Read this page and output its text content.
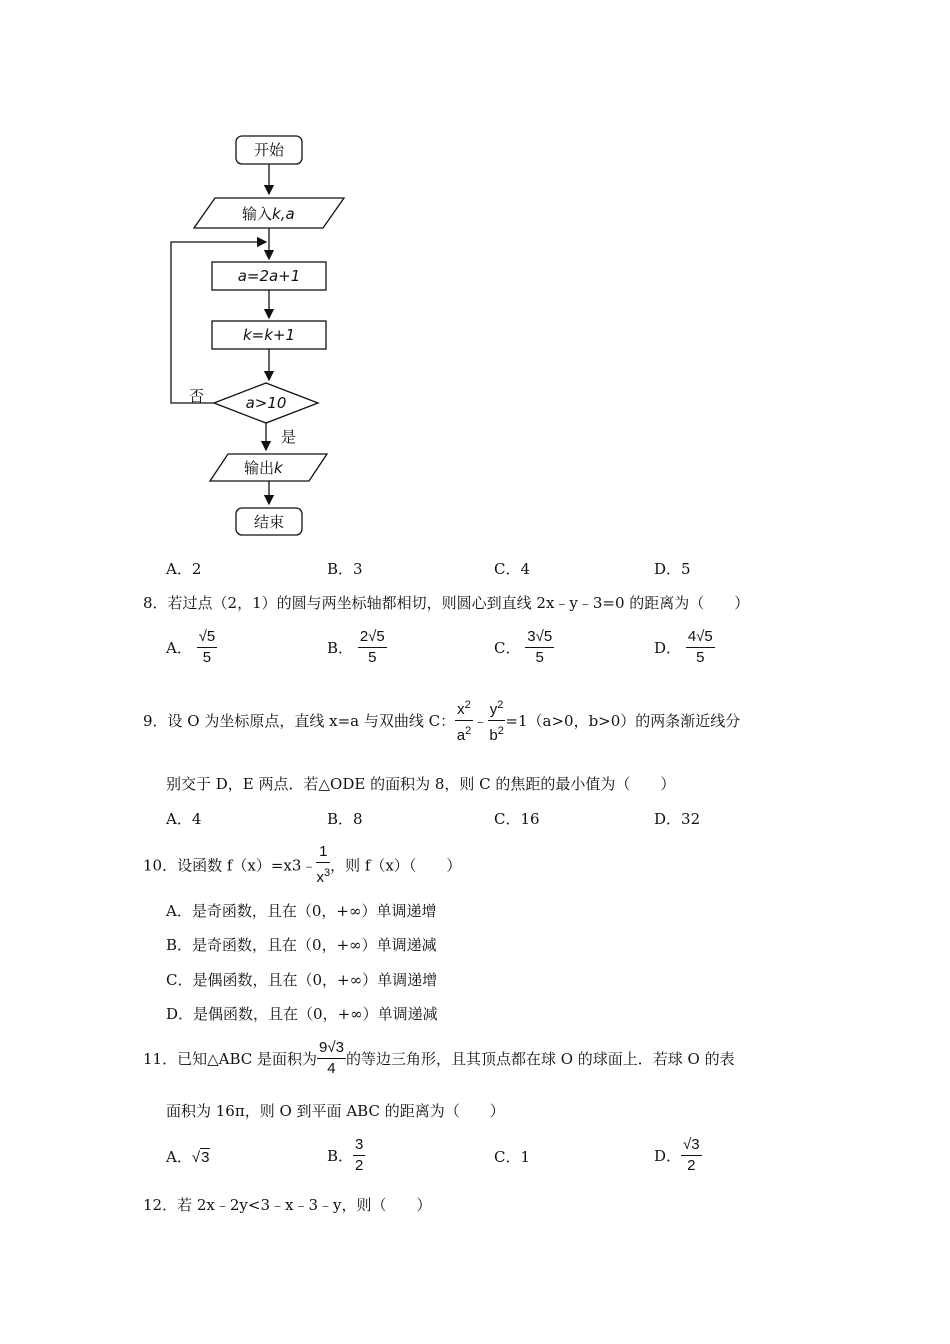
开始
输入k,a
a=2a+1
k=k+1
a>10
否
是
输出k
结束
A．2	B．3	C．4	D．5
8．若过点（2，1）的圆与两坐标轴都相切，则圆心到直线 2x﹣y﹣3=0 的距离为（　　）
A． $\frac{√5}{5}$	B． $\frac{2√5}{5}$	C． $\frac{3√5}{5}$	D． $\frac{4√5}{5}$
9．设 O 为坐标原点，直线 x=a 与双曲线 C： $\frac{x^2}{a^2}$ ﹣ $\frac{y^2}{b^2} =1(a>0$，b>0）的两条渐近线分
别交于 D，E 两点．若△ODE 的面积为 8，则 C 的焦距的最小值为（　　）
A．4	B．8	C．16	D．32
10．设函数 f（x）=x3﹣ $\frac{1}{x^3}$ ，则 f（x）（　　）
A．是奇函数，且在（0，+∞）单调递增
B．是奇函数，且在（0，+∞）单调递减
C．是偶函数，且在（0，+∞）单调递增
D．是偶函数，且在（0，+∞）单调递减
11．已知△ABC 是面积为 $\frac{9√3}{4}$ 的等边三角形，且其顶点都在球 O 的球面上．若球 O 的表
面积为 16π，则 O 到平面 ABC 的距离为（　　）
A．√3	B． $\frac{3}{2}$	C．1	D． $\frac{√3}{2}$
12．若 2x﹣2y<3﹣x﹣3﹣y，则（　　）
